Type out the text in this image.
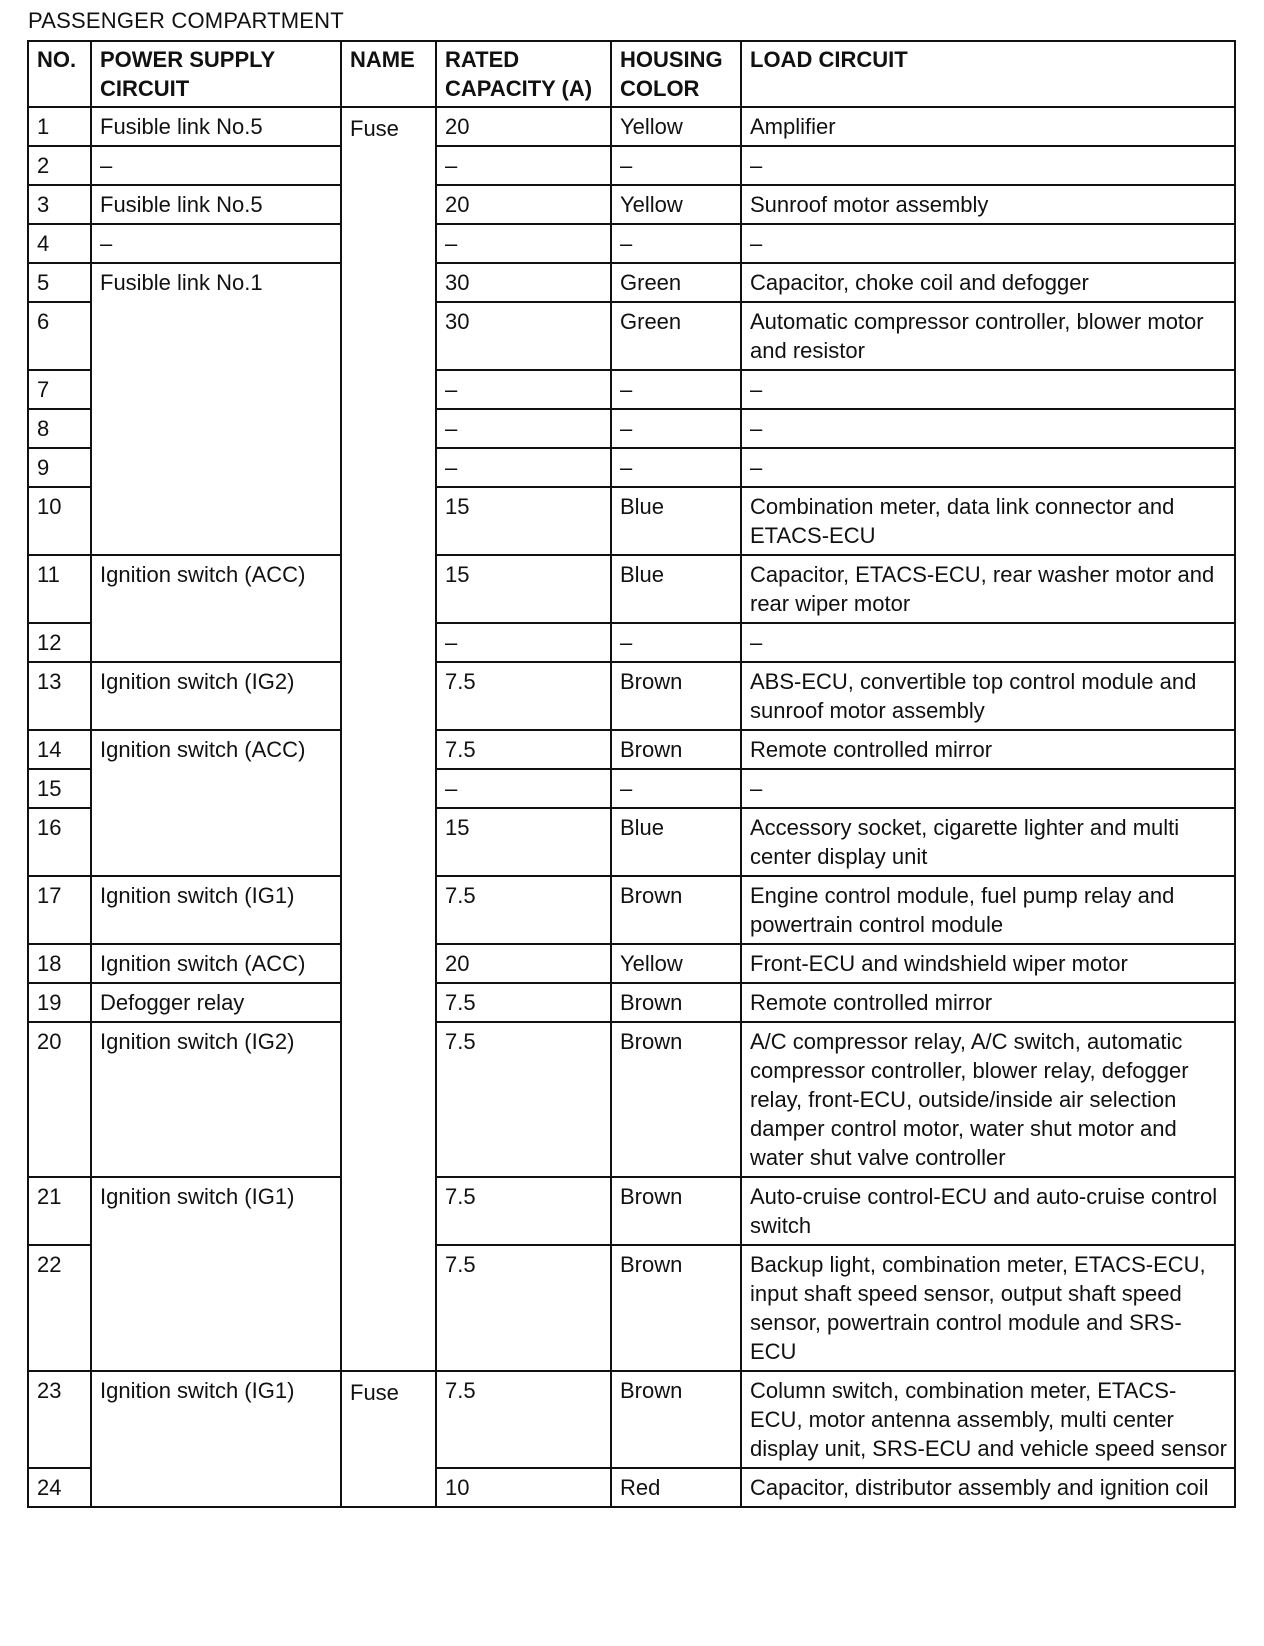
PASSENGER COMPARTMENT
NO.	POWER SUPPLY CIRCUIT	NAME	RATED CAPACITY (A)	HOUSING COLOR	LOAD CIRCUIT
1	Fusible link No.5	Fuse	20	Yellow	Amplifier
2	–		–	–	–
3	Fusible link No.5		20	Yellow	Sunroof motor assembly
4	–		–	–	–
5	Fusible link No.1		30	Green	Capacitor, choke coil and defogger
6			30	Green	Automatic compressor controller, blower motor and resistor
7			–	–	–
8			–	–	–
9			–	–	–
10			15	Blue	Combination meter, data link connector and ETACS-ECU
11	Ignition switch (ACC)		15	Blue	Capacitor, ETACS-ECU, rear washer motor and rear wiper motor
12			–	–	–
13	Ignition switch (IG2)		7.5	Brown	ABS-ECU, convertible top control module and sunroof motor assembly
14	Ignition switch (ACC)		7.5	Brown	Remote controlled mirror
15			–	–	–
16			15	Blue	Accessory socket, cigarette lighter and multi center display unit
17	Ignition switch (IG1)		7.5	Brown	Engine control module, fuel pump relay and powertrain control module
18	Ignition switch (ACC)		20	Yellow	Front-ECU and windshield wiper motor
19	Defogger relay		7.5	Brown	Remote controlled mirror
20	Ignition switch (IG2)		7.5	Brown	A/C compressor relay, A/C switch, automatic compressor controller, blower relay, defogger relay, front-ECU, outside/inside air selection damper control motor, water shut motor and water shut valve controller
21	Ignition switch (IG1)		7.5	Brown	Auto-cruise control-ECU and auto-cruise control switch
22			7.5	Brown	Backup light, combination meter, ETACS-ECU, input shaft speed sensor, output shaft speed sensor, powertrain control module and SRS-ECU
23	Ignition switch (IG1)	Fuse	7.5	Brown	Column switch, combination meter, ETACS-ECU, motor antenna assembly, multi center display unit, SRS-ECU and vehicle speed sensor
24			10	Red	Capacitor, distributor assembly and ignition coil
